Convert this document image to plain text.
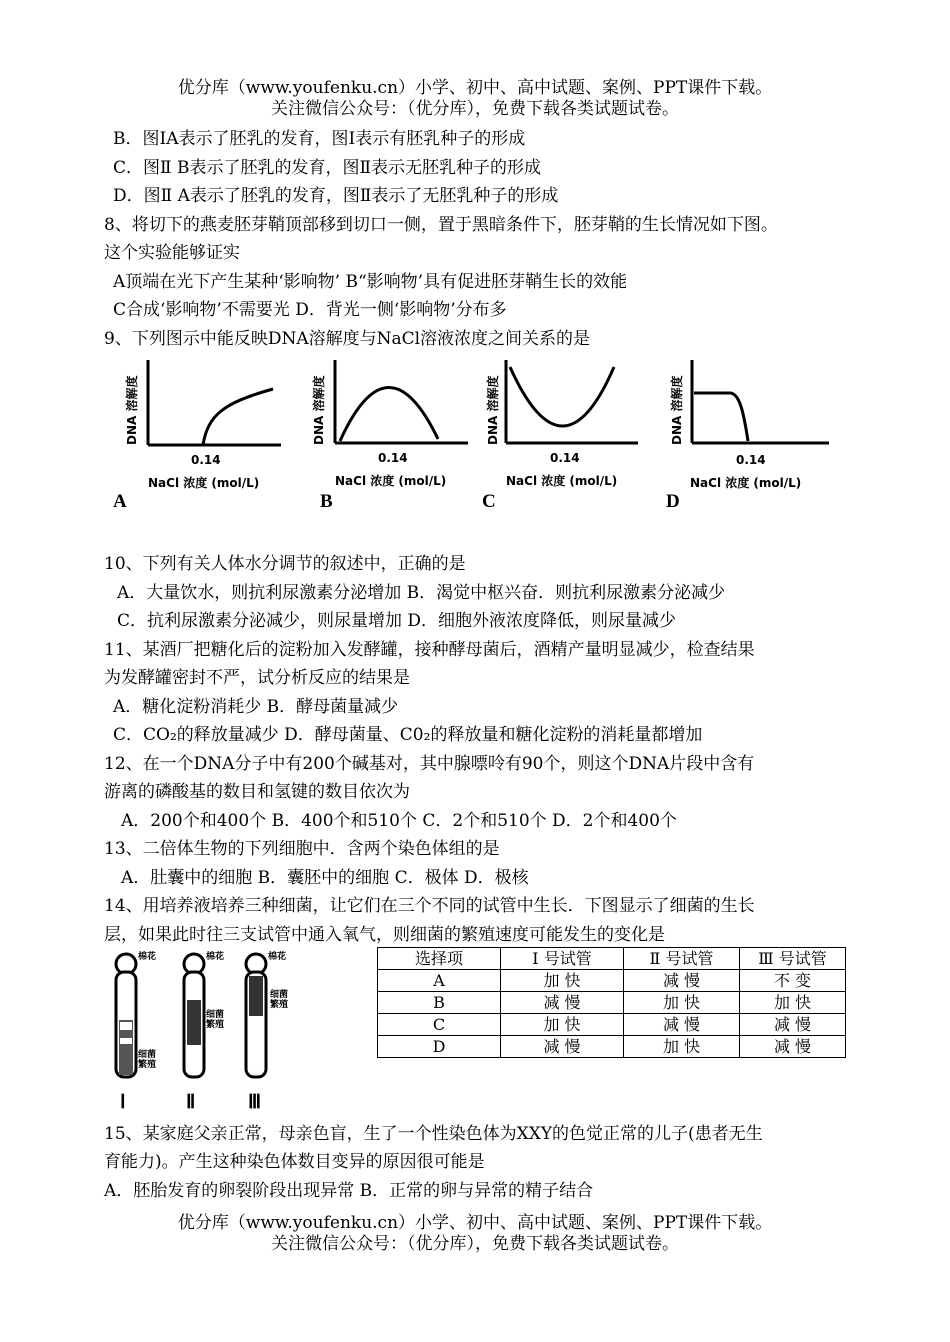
优分库（www.youfenku.cn）小学、初中、高中试题、案例、PPT课件下载。
关注微信公众号：（优分库），免费下载各类试题试卷。
B．图ⅠA表示了胚乳的发育，图Ⅰ表示有胚乳种子的形成
C．图Ⅱ B表示了胚乳的发育，图Ⅱ表示无胚乳种子的形成
D．图Ⅱ A表示了胚乳的发育，图Ⅱ表示了无胚乳种子的形成
8、将切下的燕麦胚芽鞘顶部移到切口一侧，置于黑暗条件下，胚芽鞘的生长情况如下图。
这个实验能够证实
A顶端在光下产生某种‘影响物’ B“影响物’具有促进胚芽鞘生长的效能
C合成‘影响物’不需要光 D．背光一侧‘影响物’分布多
9、下列图示中能反映DNA溶解度与NaCl溶液浓度之间关系的是
DNA 溶解度
0.14
NaCl 浓度 (mol/L)
A
DNA 溶解度
0.14
NaCl 浓度 (mol/L)
B
DNA 溶解度
0.14
NaCl 浓度 (mol/L)
C
DNA 溶解度
0.14
NaCl 浓度 (mol/L)
D
10、下列有关人体水分调节的叙述中，正确的是
A．大量饮水，则抗利尿激素分泌增加 B．渴觉中枢兴奋．则抗利尿激素分泌减少
C．抗利尿激素分泌减少，则尿量增加 D．细胞外液浓度降低，则尿量减少
11、某酒厂把糖化后的淀粉加入发酵罐，接种酵母菌后，酒精产量明显减少，检查结果
为发酵罐密封不严，试分析反应的结果是
A．糖化淀粉消耗少 B．酵母菌量减少
C．CO₂的释放量减少 D．酵母菌量、C0₂的释放量和糖化淀粉的消耗量都增加
12、在一个DNA分子中有200个碱基对，其中腺嘌呤有90个，则这个DNA片段中含有
游离的磷酸基的数目和氢键的数目依次为
A．200个和400个 B．400个和510个 C．2个和510个 D．2个和400个
13、二倍体生物的下列细胞中．含两个染色体组的是
A．肚囊中的细胞 B．囊胚中的细胞 C．极体 D．极核
14、用培养液培养三种细菌，让它们在三个不同的试管中生长．下图显示了细菌的生长
层，如果此时往三支试管中通入氧气，则细菌的繁殖速度可能发生的变化是
棉花	棉花	棉花
细菌繁殖
细菌繁殖
细菌繁殖
Ⅰ	Ⅱ	Ⅲ
选择项	Ⅰ 号试管	Ⅱ 号试管	Ⅲ 号试管
A	加 快	减 慢	不 变
B	减 慢	加 快	加 快
C	加 快	减 慢	减 慢
D	减 慢	加 快	减 慢
15、某家庭父亲正常，母亲色盲，生了一个性染色体为XXY的色觉正常的儿子(患者无生
育能力)。产生这种染色体数目变异的原因很可能是
A．胚胎发育的卵裂阶段出现异常 B．正常的卵与异常的精子结合
优分库（www.youfenku.cn）小学、初中、高中试题、案例、PPT课件下载。
关注微信公众号：（优分库），免费下载各类试题试卷。
